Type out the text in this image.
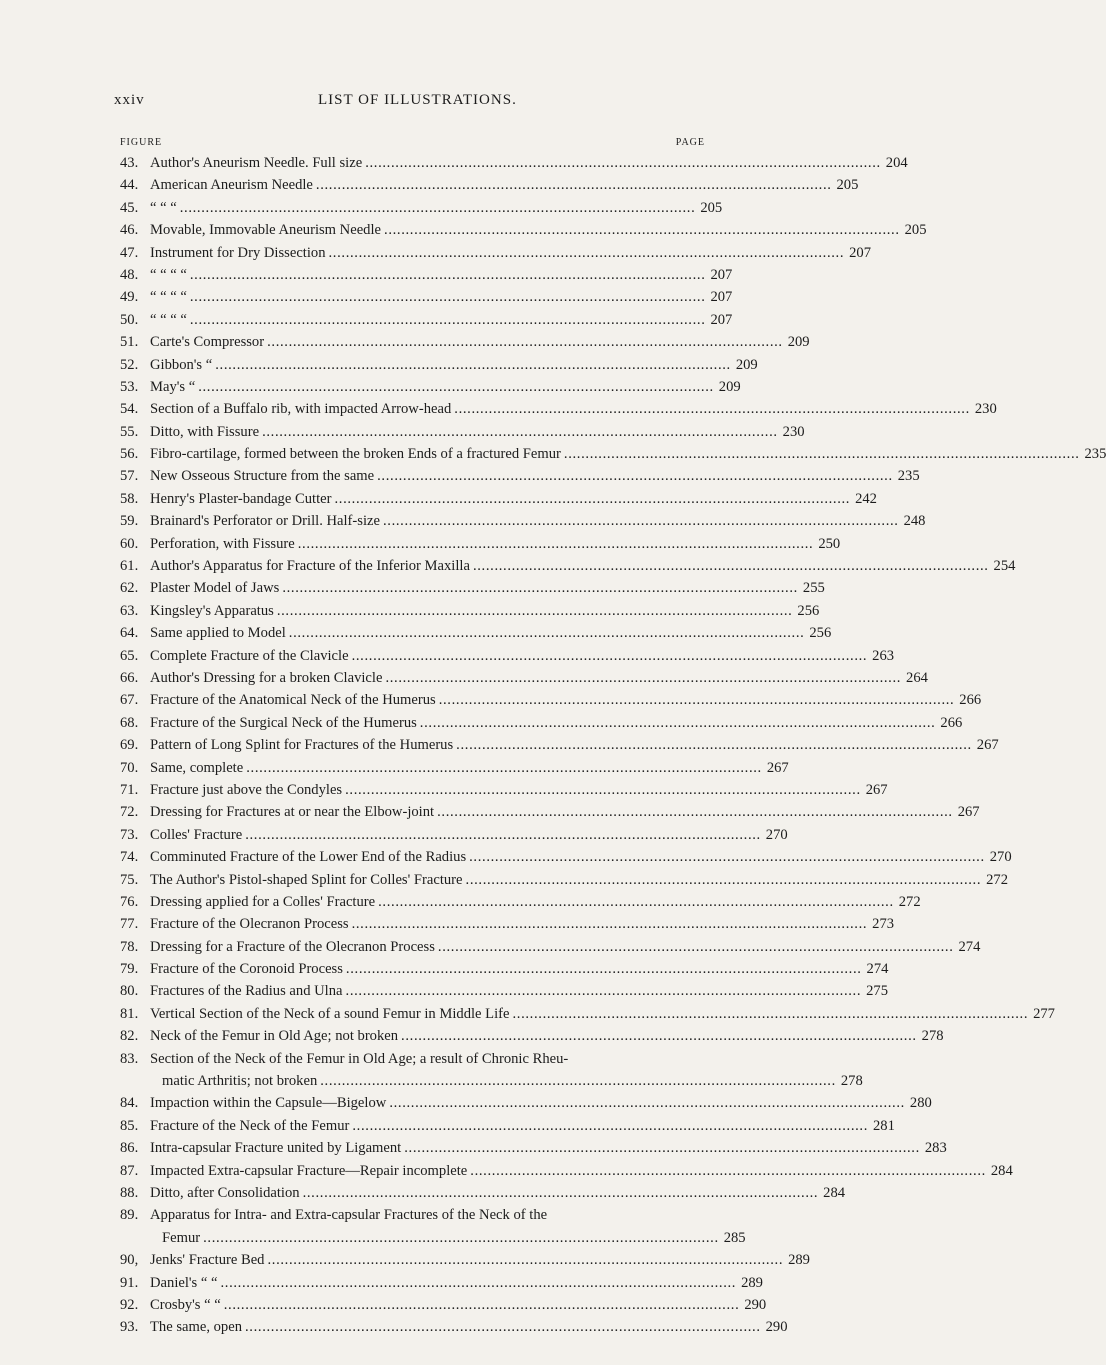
xxiv	LIST OF ILLUSTRATIONS.
FIGURE	PAGE
43. Author's Aneurism Needle. Full size . . .	204
44. American Aneurism Needle . . .	205
45. “ “ “ . . .	205
46. Movable, Immovable Aneurism Needle . . .	205
47. Instrument for Dry Dissection . . .	207
48. “ “ “ “ . . .	207
49. “ “ “ “ . . .	207
50. “ “ “ “ . . .	207
51. Carte's Compressor . . .	209
52. Gibbon's “ . . .	209
53. May's “ . . .	209
54. Section of a Buffalo rib, with impacted Arrow-head . . .	230
55. Ditto, with Fissure . . .	230
56. Fibro-cartilage, formed between the broken Ends of a fractured Femur . . .	235
57. New Osseous Structure from the same . . .	235
58. Henry's Plaster-bandage Cutter . . .	242
59. Brainard's Perforator or Drill. Half-size . . .	248
60. Perforation, with Fissure . . .	250
61. Author's Apparatus for Fracture of the Inferior Maxilla . . .	254
62. Plaster Model of Jaws . . .	255
63. Kingsley's Apparatus . . .	256
64. Same applied to Model . . .	256
65. Complete Fracture of the Clavicle . . .	263
66. Author's Dressing for a broken Clavicle . . .	264
67. Fracture of the Anatomical Neck of the Humerus . . .	266
68. Fracture of the Surgical Neck of the Humerus . . .	266
69. Pattern of Long Splint for Fractures of the Humerus . . .	267
70. Same, complete . . .	267
71. Fracture just above the Condyles . . .	267
72. Dressing for Fractures at or near the Elbow-joint . . .	267
73. Colles' Fracture . . .	270
74. Comminuted Fracture of the Lower End of the Radius . . .	270
75. The Author's Pistol-shaped Splint for Colles' Fracture . . .	272
76. Dressing applied for a Colles' Fracture . . .	272
77. Fracture of the Olecranon Process . . .	273
78. Dressing for a Fracture of the Olecranon Process . . .	274
79. Fracture of the Coronoid Process . . .	274
80. Fractures of the Radius and Ulna . . .	275
81. Vertical Section of the Neck of a sound Femur in Middle Life . . .	277
82. Neck of the Femur in Old Age; not broken . . .	278
83. Section of the Neck of the Femur in Old Age; a result of Chronic Rheu-
matic Arthritis; not broken . . .	278
84. Impaction within the Capsule—Bigelow . . .	280
85. Fracture of the Neck of the Femur . . .	281
86. Intra-capsular Fracture united by Ligament . . .	283
87. Impacted Extra-capsular Fracture—Repair incomplete . . .	284
88. Ditto, after Consolidation . . .	284
89. Apparatus for Intra- and Extra-capsular Fractures of the Neck of the
Femur . . .	285
90, Jenks' Fracture Bed . . .	289
91. Daniel's “ “ . . .	289
92. Crosby's “ “ . . .	290
93. The same, open . . .	290
